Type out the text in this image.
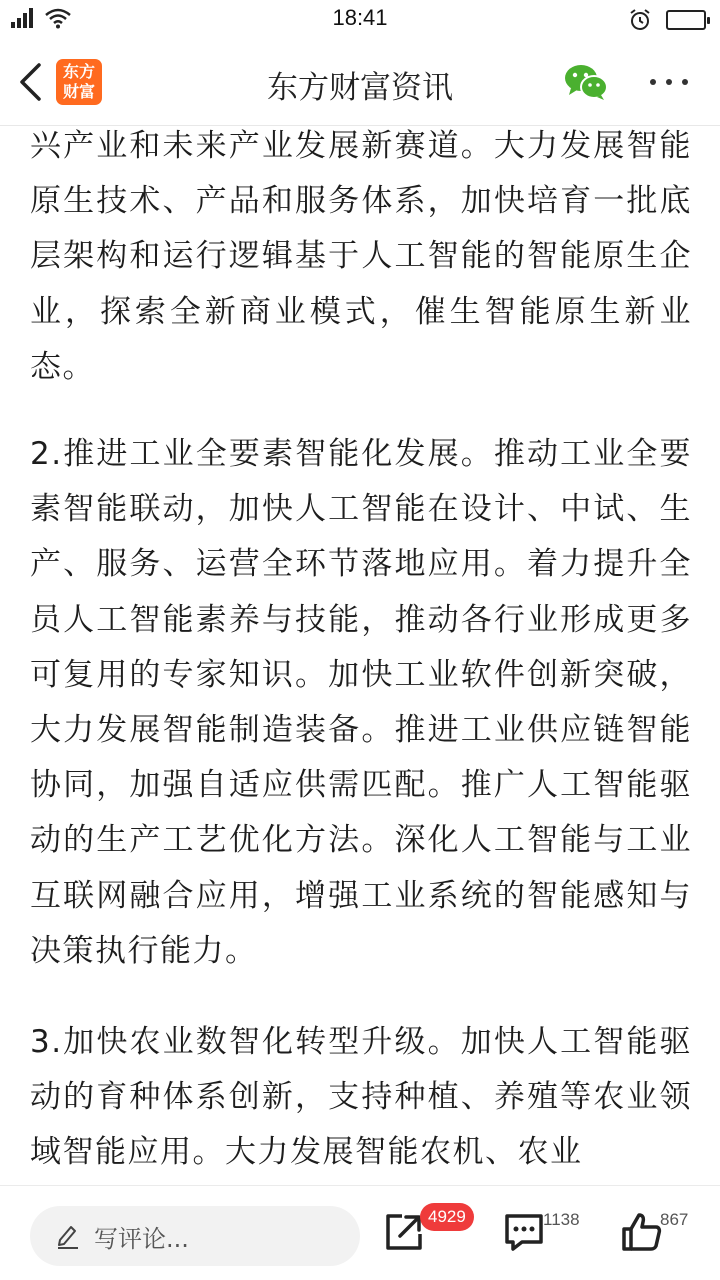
18:41
东方
财富	东方财富资讯

兴产业和未来产业发展新赛道。大力发展智能原生技术、产品和服务体系，加快培育一批底层架构和运行逻辑基于人工智能的智能原生企业，探索全新商业模式，催生智能原生新业态。

2.推进工业全要素智能化发展。推动工业全要素智能联动，加快人工智能在设计、中试、生产、服务、运营全环节落地应用。着力提升全员人工智能素养与技能，推动各行业形成更多可复用的专家知识。加快工业软件创新突破，大力发展智能制造装备。推进工业供应链智能协同，加强自适应供需匹配。推广人工智能驱动的生产工艺优化方法。深化人工智能与工业互联网融合应用，增强工业系统的智能感知与决策执行能力。

3.加快农业数智化转型升级。加快人工智能驱动的育种体系创新，支持种植、养殖等农业领域智能应用。大力发展智能农机、农业

写评论...
4929	1138	867
